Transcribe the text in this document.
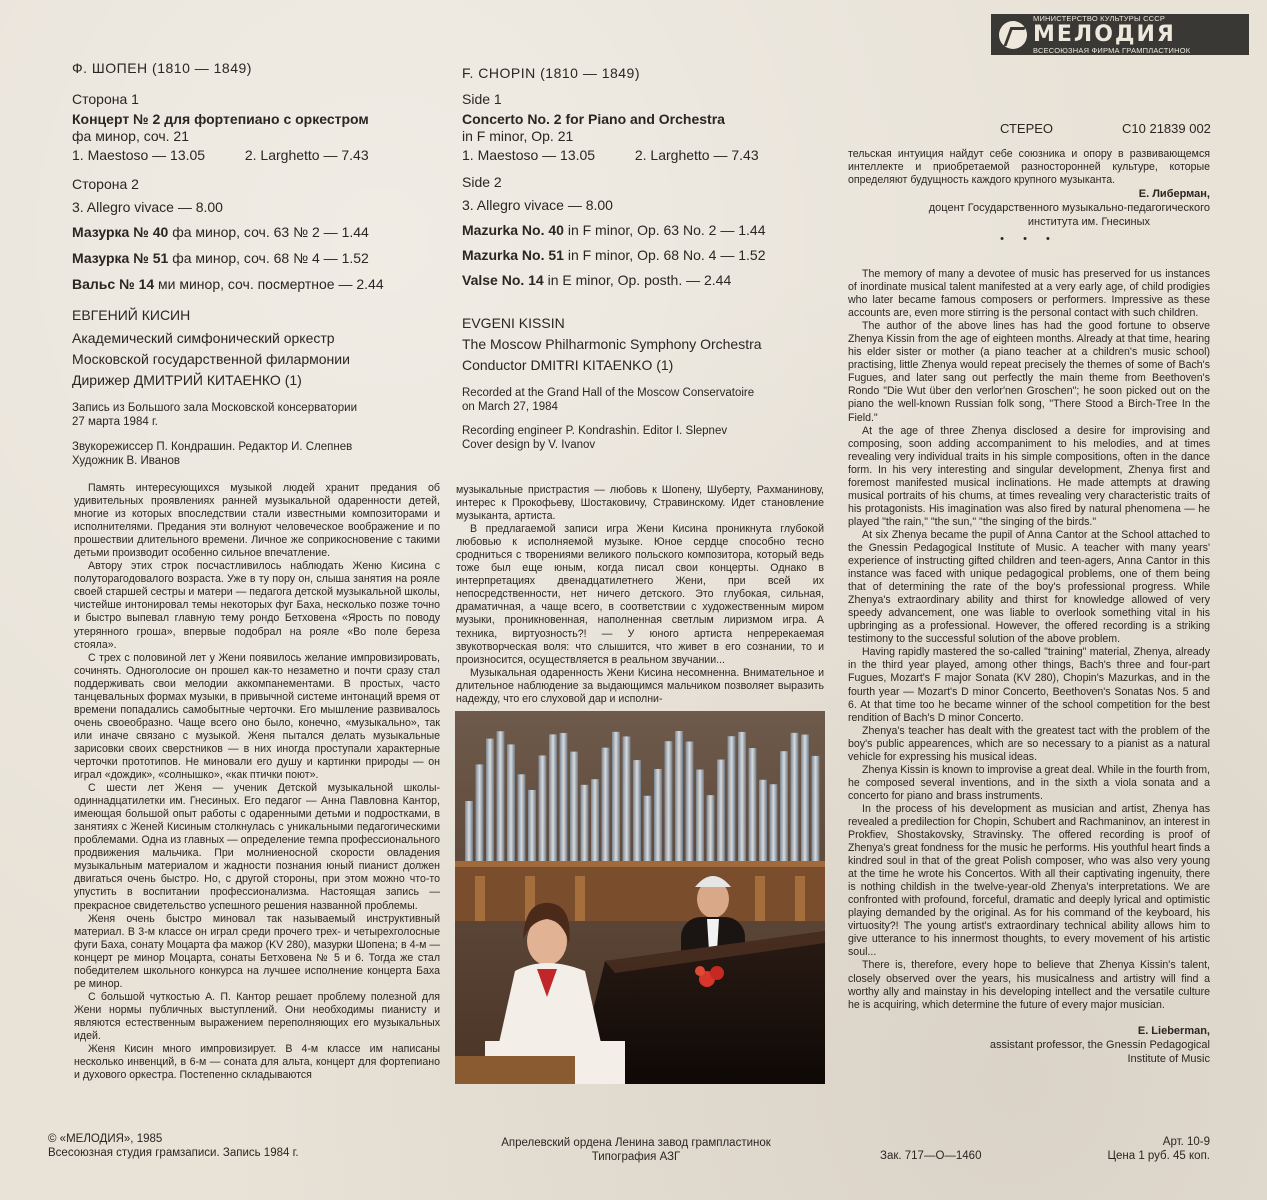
Ф. ШОПЕН (1810 — 1849)

Сторона 1

Концерт № 2 для фортепиано с оркестром

фа минор, соч. 21

1. Maestoso — 13.05	2. Larghetto — 7.43

Сторона 2

3. Allegro vivace — 8.00

Мазурка № 40 фа минор, соч. 63 № 2 — 1.44

Мазурка № 51 фа минор, соч. 68 № 4 — 1.52

Вальс № 14 ми минор, соч. посмертное — 2.44

ЕВГЕНИЙ КИСИН

Академический симфонический оркестр

Московской государственной филармонии

Дирижер ДМИТРИЙ КИТАЕНКО (1)

Запись из Большого зала Московской консерватории

27 марта 1984 г.

Звукорежиссер П. Кондрашин. Редактор И. Слепнев

Художник В. Иванов

F. CHOPIN (1810 — 1849)

Side 1

Concerto No. 2 for Piano and Orchestra

in F minor, Op. 21

1. Maestoso — 13.05	2. Larghetto — 7.43

Side 2

3. Allegro vivace — 8.00

Mazurka No. 40 in F minor, Op. 63 No. 2 — 1.44

Mazurka No. 51 in F minor, Op. 68 No. 4 — 1.52

Valse No. 14 in E minor, Op. posth. — 2.44

EVGENI KISSIN

The Moscow Philharmonic Symphony Orchestra

Conductor DMITRI KITAENKO (1)

Recorded at the Grand Hall of the Moscow Conservatoire

on March 27, 1984

Recording engineer P. Kondrashin. Editor I. Slepnev

Cover design by V. Ivanov

МИНИСТЕРСТВО КУЛЬТУРЫ СССР
МЕЛОДИЯ
ВСЕСОЮЗНАЯ ФИРМА ГРАМПЛАСТИНОК
СТЕРЕО	С10 21839 002

тельская интуиция найдут себе союзника и опору в развивающемся интеллекте и приобретаемой разносторонней культуре, которые определяют будущность каждого крупного музыканта.

Е. Либерман,

доцент Государственного музыкально-педагогического

института им. Гнесиных

• • •

The memory of many a devotee of music has preserved for us instances of inordinate musical talent manifested at a very early age, of child prodigies who later became famous composers or performers. Impressive as these accounts are, even more stirring is the personal contact with such children.

The author of the above lines has had the good fortune to observe Zhenya Kissin from the age of eighteen months. Already at that time, hearing his elder sister or mother (a piano teacher at a children's music school) practising, little Zhenya would repeat precisely the themes of some of Bach's Fugues, and later sang out perfectly the main theme from Beethoven's Rondo "Die Wut über den verlor'nen Groschen"; he soon picked out on the piano the well-known Russian folk song, "There Stood a Birch-Tree In the Field."

At the age of three Zhenya disclosed a desire for improvising and composing, soon adding accompaniment to his melodies, and at times revealing very individual traits in his simple compositions, often in the dance form. In his very interesting and singular development, Zhenya first and foremost manifested musical inclinations. He made attempts at drawing musical portraits of his chums, at times revealing very characteristic traits of his protagonists. His imagination was also fired by natural phenomena — he played "the rain," "the sun," "the singing of the birds."

At six Zhenya became the pupil of Anna Cantor at the School attached to the Gnessin Pedagogical Institute of Music. A teacher with many years' experience of instructing gifted children and teen-agers, Anna Cantor in this instance was faced with unique pedagogical problems, one of them being that of determining the rate of the boy's professional progress. While Zhenya's extraordinary ability and thirst for knowledge allowed of very speedy advancement, one was liable to overlook something vital in his upbringing as a professional. However, the offered recording is a striking testimony to the successful solution of the above problem.

Having rapidly mastered the so-called "training" material, Zhenya, already in the third year played, among other things, Bach's three and four-part Fugues, Mozart's F major Sonata (KV 280), Chopin's Mazurkas, and in the fourth year — Mozart's D minor Concerto, Beethoven's Sonatas Nos. 5 and 6. At that time too he became winner of the school competition for the best rendition of Bach's D minor Concerto.

Zhenya's teacher has dealt with the greatest tact with the problem of the boy's public appearences, which are so necessary to a pianist as a natural vehicle for expressing his musical ideas.

Zhenya Kissin is known to improvise a great deal. While in the fourth from, he composed several inventions, and in the sixth a viola sonata and a concerto for piano and brass instruments.

In the process of his development as musician and artist, Zhenya has revealed a predilection for Chopin, Schubert and Rachmaninov, an interest in Prokfiev, Shostakovsky, Stravinsky. The offered recording is proof of Zhenya's great fondness for the music he performs. His youthful heart finds a kindred soul in that of the great Polish composer, who was also very young at the time he wrote his Concertos. With all their captivating ingenuity, there is nothing childish in the twelve-year-old Zhenya's interpretations. We are confronted with profound, forceful, dramatic and deeply lyrical and optimistic playing demanded by the original. As for his command of the keyboard, his virtuosity?! The young artist's extraordinary technical ability allows him to give utterance to his innermost thoughts, to every movement of his artistic soul...

There is, therefore, every hope to believe that Zhenya Kissin's talent, closely observed over the years, his musicalness and artistry will find a worthy ally and mainstay in his developing intellect and the versatile culture he is acquiring, which determine the future of every major musician.

E. Lieberman,

assistant professor, the Gnessin Pedagogical

Institute of Music

Память интересующихся музыкой людей хранит предания об удивительных проявлениях ранней музыкальной одаренности детей, многие из которых впоследствии стали известными композиторами и исполнителями. Предания эти волнуют человеческое воображение и по прошествии длительного времени. Личное же соприкосновение с такими детьми производит особенно сильное впечатление.

Автору этих строк посчастливилось наблюдать Женю Кисина с полуторагодовалого возраста. Уже в ту пору он, слыша занятия на рояле своей старшей сестры и матери — педагога детской музыкальной школы, чистейше интонировал темы некоторых фуг Баха, несколько позже точно и быстро выпевал главную тему рондо Бетховена «Ярость по поводу утерянного гроша», впервые подобрал на рояле «Во поле береза стояла».

С трех с половиной лет у Жени появилось желание импровизировать, сочинять. Одноголосие он прошел как-то незаметно и почти сразу стал поддерживать свои мелодии аккомпанементами. В простых, часто танцевальных формах музыки, в привычной системе интонаций время от времени попадались самобытные черточки. Его мышление развивалось очень своеобразно. Чаще всего оно было, конечно, «музыкально», так или иначе связано с музыкой. Женя пытался делать музыкальные зарисовки своих сверстников — в них иногда проступали характерные черточки прототипов. Не миновали его душу и картинки природы — он играл «дождик», «солнышко», «как птички поют».

С шести лет Женя — ученик Детской музыкальной школы-одиннадцатилетки им. Гнесиных. Его педагог — Анна Павловна Кантор, имеющая большой опыт работы с одаренными детьми и подростками, в занятиях с Женей Кисиным столкнулась с уникальными педагогическими проблемами. Одна из главных — определение темпа профессионального продвижения мальчика. При молниеносной скорости овладения музыкальным материалом и жадности познания юный пианист должен двигаться очень быстро. Но, с другой стороны, при этом можно что-то упустить в воспитании профессионализма. Настоящая запись — прекрасное свидетельство успешного решения названной проблемы.

Женя очень быстро миновал так называемый инструктивный материал. В 3-м классе он играл среди прочего трех- и четырехголосные фуги Баха, сонату Моцарта фа мажор (KV 280), мазурки Шопена; в 4-м — концерт ре минор Моцарта, сонаты Бетховена № 5 и 6. Тогда же стал победителем школьного конкурса на лучшее исполнение концерта Баха ре минор.

С большой чуткостью А. П. Кантор решает проблему полезной для Жени нормы публичных выступлений. Они необходимы пианисту и являются естественным выражением переполняющих его музыкальных идей.

Женя Кисин много импровизирует. В 4-м классе им написаны несколько инвенций, в 6-м — соната для альта, концерт для фортепиано и духового оркестра. Постепенно складываются

музыкальные пристрастия — любовь к Шопену, Шуберту, Рахманинову, интерес к Прокофьеву, Шостаковичу, Стравинскому. Идет становление музыканта, артиста.

В предлагаемой записи игра Жени Кисина проникнута глубокой любовью к исполняемой музыке. Юное сердце способно тесно сродниться с творениями великого польского композитора, который ведь тоже был еще юным, когда писал свои концерты. Однако в интерпретациях двенадцатилетнего Жени, при всей их непосредственности, нет ничего детского. Это глубокая, сильная, драматичная, а чаще всего, в соответствии с художественным миром музыки, проникновенная, наполненная светлым лиризмом игра. А техника, виртуозность?! — У юного артиста непререкаемая звукотворческая воля: что слышится, что живет в его сознании, то и произносится, осуществляется в реальном звучании...

Музыкальная одаренность Жени Кисина несомненна. Внимательное и длительное наблюдение за выдающимся мальчиком позволяет выразить надежду, что его слуховой дар и исполни-

© «МЕЛОДИЯ», 1985

Всесоюзная студия грамзаписи. Запись 1984 г.

Апрелевский ордена Ленина завод грампластинок

Типография АЗГ	Зак. 717—О—1460

Арт. 10-9

Цена 1 руб. 45 коп.
